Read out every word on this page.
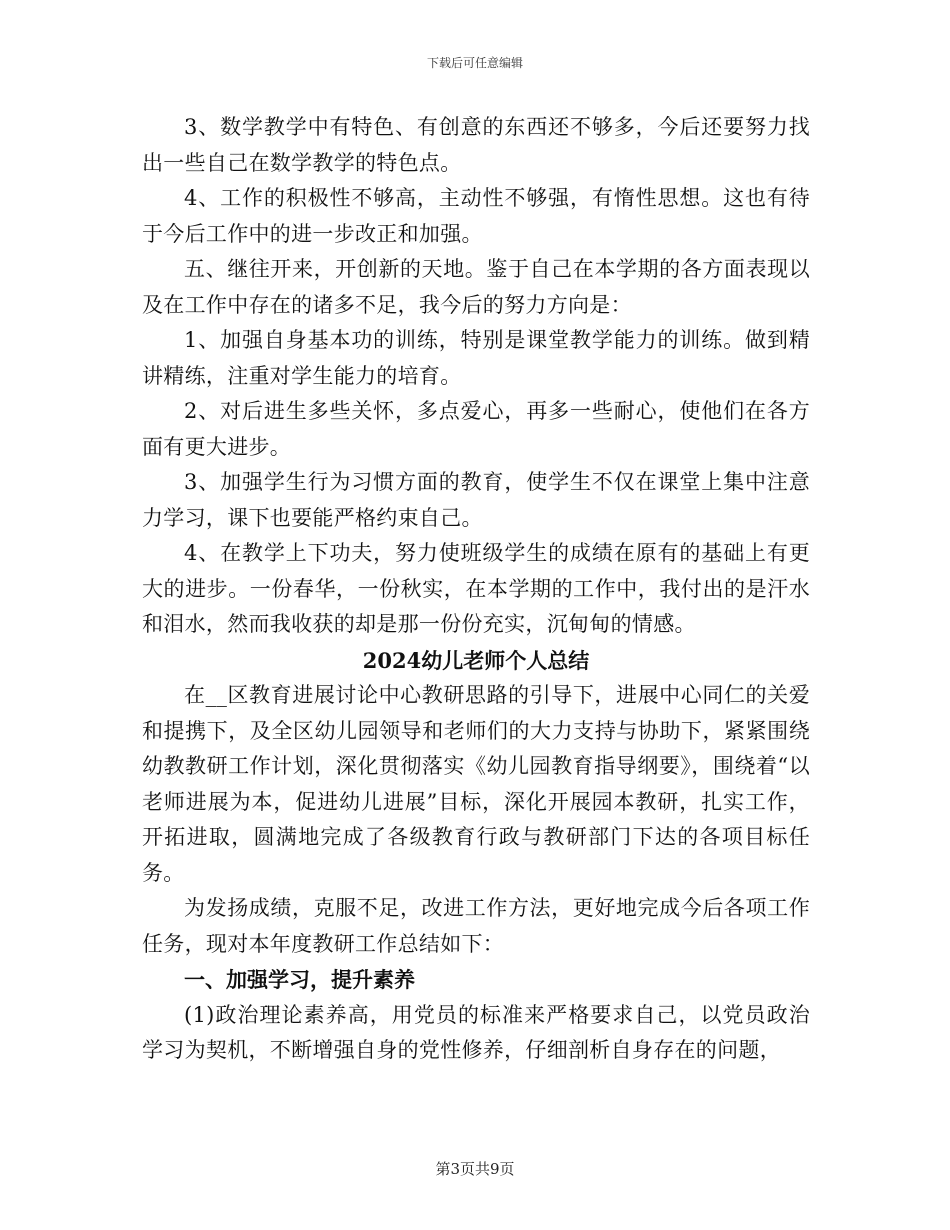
下载后可任意编辑

3、数学教学中有特色、有创意的东西还不够多，今后还要努力找出一些自己在数学教学的特色点。

4、工作的积极性不够高，主动性不够强，有惰性思想。这也有待于今后工作中的进一步改正和加强。

五、继往开来，开创新的天地。鉴于自己在本学期的各方面表现以及在工作中存在的诸多不足，我今后的努力方向是：

1、加强自身基本功的训练，特别是课堂教学能力的训练。做到精讲精练，注重对学生能力的培育。

2、对后进生多些关怀，多点爱心，再多一些耐心，使他们在各方面有更大进步。

3、加强学生行为习惯方面的教育，使学生不仅在课堂上集中注意力学习，课下也要能严格约束自己。

4、在教学上下功夫，努力使班级学生的成绩在原有的基础上有更大的进步。一份春华，一份秋实，在本学期的工作中，我付出的是汗水和泪水，然而我收获的却是那一份份充实，沉甸甸的情感。

2024幼儿老师个人总结

在__区教育进展讨论中心教研思路的引导下，进展中心同仁的关爱和提携下，及全区幼儿园领导和老师们的大力支持与协助下，紧紧围绕幼教教研工作计划，深化贯彻落实《幼儿园教育指导纲要》，围绕着“以老师进展为本，促进幼儿进展”目标，深化开展园本教研，扎实工作，开拓进取，圆满地完成了各级教育行政与教研部门下达的各项目标任务。

为发扬成绩，克服不足，改进工作方法，更好地完成今后各项工作任务，现对本年度教研工作总结如下：

一、加强学习，提升素养

(1)政治理论素养高，用党员的标准来严格要求自己，以党员政治学习为契机，不断增强自身的党性修养，仔细剖析自身存在的问题，

第3页共9页
